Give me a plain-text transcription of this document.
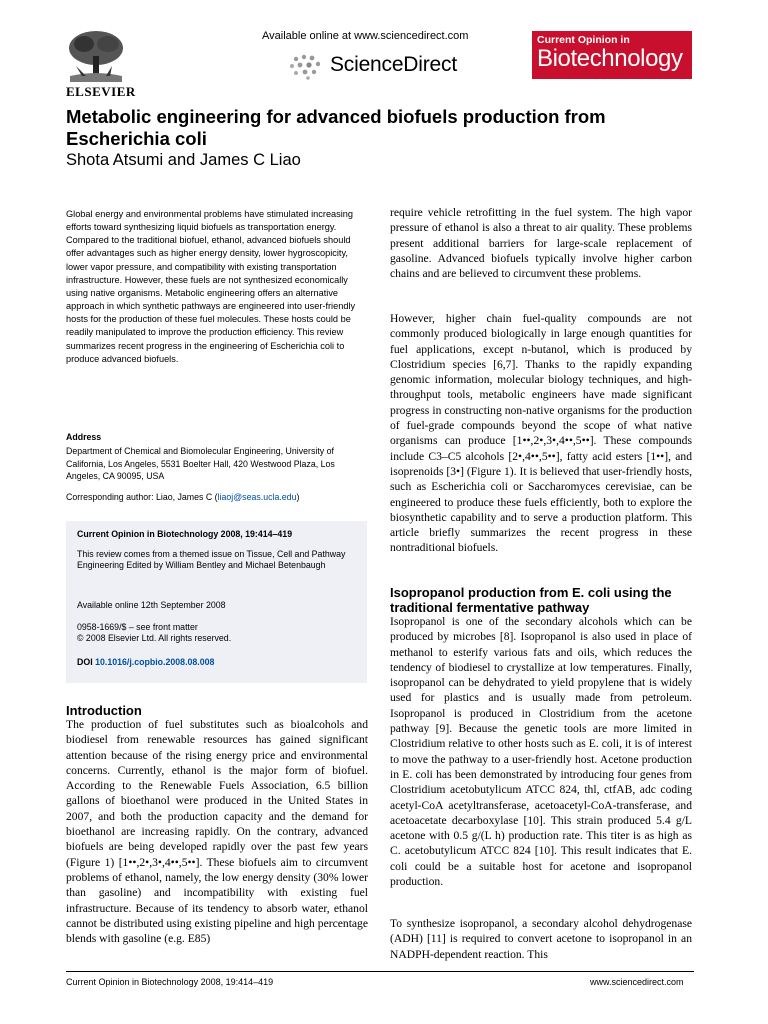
ELSEVIER
Available online at www.sciencedirect.com
ScienceDirect
Current Opinion in
Biotechnology
Metabolic engineering for advanced biofuels production from Escherichia coli
Shota Atsumi and James C Liao
Global energy and environmental problems have stimulated increasing efforts toward synthesizing liquid biofuels as transportation energy. Compared to the traditional biofuel, ethanol, advanced biofuels should offer advantages such as higher energy density, lower hygroscopicity, lower vapor pressure, and compatibility with existing transportation infrastructure. However, these fuels are not synthesized economically using native organisms. Metabolic engineering offers an alternative approach in which synthetic pathways are engineered into user-friendly hosts for the production of these fuel molecules. These hosts could be readily manipulated to improve the production efficiency. This review summarizes recent progress in the engineering of Escherichia coli to produce advanced biofuels.
Address
Department of Chemical and Biomolecular Engineering, University of California, Los Angeles, 5531 Boelter Hall, 420 Westwood Plaza, Los Angeles, CA 90095, USA
Corresponding author: Liao, James C (liaoj@seas.ucla.edu)
Current Opinion in Biotechnology 2008, 19:414–419
This review comes from a themed issue on Tissue, Cell and Pathway Engineering Edited by William Bentley and Michael Betenbaugh
Available online 12th September 2008
0958-1669/$ – see front matter
© 2008 Elsevier Ltd. All rights reserved.
DOI 10.1016/j.copbio.2008.08.008
Introduction
The production of fuel substitutes such as bioalcohols and biodiesel from renewable resources has gained significant attention because of the rising energy price and environmental concerns. Currently, ethanol is the major form of biofuel. According to the Renewable Fuels Association, 6.5 billion gallons of bioethanol were produced in the United States in 2007, and both the production capacity and the demand for bioethanol are increasing rapidly. On the contrary, advanced biofuels are being developed rapidly over the past few years (Figure 1) [1••,2•,3•,4••,5••]. These biofuels aim to circumvent problems of ethanol, namely, the low energy density (30% lower than gasoline) and incompatibility with existing fuel infrastructure. Because of its tendency to absorb water, ethanol cannot be distributed using existing pipeline and high percentage blends with gasoline (e.g. E85)
require vehicle retrofitting in the fuel system. The high vapor pressure of ethanol is also a threat to air quality. These problems present additional barriers for large-scale replacement of gasoline. Advanced biofuels typically involve higher carbon chains and are believed to circumvent these problems.
However, higher chain fuel-quality compounds are not commonly produced biologically in large enough quantities for fuel applications, except n-butanol, which is produced by Clostridium species [6,7]. Thanks to the rapidly expanding genomic information, molecular biology techniques, and high-throughput tools, metabolic engineers have made significant progress in constructing non-native organisms for the production of fuel-grade compounds beyond the scope of what native organisms can produce [1••,2•,3•,4••,5••]. These compounds include C3–C5 alcohols [2•,4••,5••], fatty acid esters [1••], and isoprenoids [3•] (Figure 1). It is believed that user-friendly hosts, such as Escherichia coli or Saccharomyces cerevisiae, can be engineered to produce these fuels efficiently, both to explore the biosynthetic capability and to serve a production platform. This article briefly summarizes the recent progress in these nontraditional biofuels.
Isopropanol production from E. coli using the traditional fermentative pathway
Isopropanol is one of the secondary alcohols which can be produced by microbes [8]. Isopropanol is also used in place of methanol to esterify various fats and oils, which reduces the tendency of biodiesel to crystallize at low temperatures. Finally, isopropanol can be dehydrated to yield propylene that is widely used for plastics and is usually made from petroleum. Isopropanol is produced in Clostridium from the acetone pathway [9]. Because the genetic tools are more limited in Clostridium relative to other hosts such as E. coli, it is of interest to move the pathway to a user-friendly host. Acetone production in E. coli has been demonstrated by introducing four genes from Clostridium acetobutylicum ATCC 824, thl, ctfAB, adc coding acetyl-CoA acetyltransferase, acetoacetyl-CoA-transferase, and acetoacetate decarboxylase [10]. This strain produced 5.4 g/L acetone with 0.5 g/(L h) production rate. This titer is as high as C. acetobutylicum ATCC 824 [10]. This result indicates that E. coli could be a suitable host for acetone and isopropanol production.
To synthesize isopropanol, a secondary alcohol dehydrogenase (ADH) [11] is required to convert acetone to isopropanol in an NADPH-dependent reaction. This
Current Opinion in Biotechnology 2008, 19:414–419	www.sciencedirect.com
